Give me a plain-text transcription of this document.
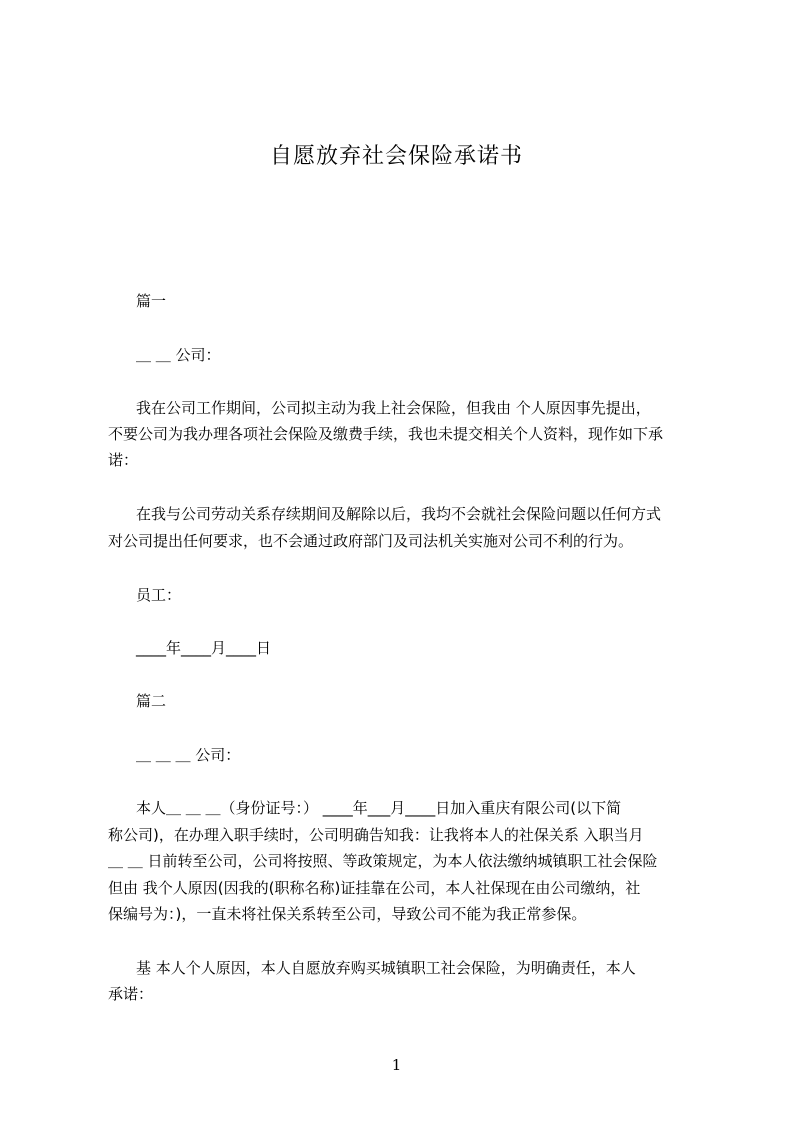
自愿放弃社会保险承诺书
篇一
＿ ＿ 公司：
我在公司工作期间，公司拟主动为我上社会保险，但我由 个人原因事先提出，
不要公司为我办理各项社会保险及缴费手续，我也未提交相关个人资料，现作如下承
诺：
在我与公司劳动关系存续期间及解除以后，我均不会就社会保险问题以任何方式
对公司提出任何要求，也不会通过政府部门及司法机关实施对公司不利的行为。
员工：
____年____月____日
篇二
＿ ＿ ＿ 公司：
本人＿ ＿ ＿（身份证号：） ____年___月____日加入重庆有限公司(以下简
称公司)，在办理入职手续时，公司明确告知我：让我将本人的社保关系 入职当月
＿ ＿ 日前转至公司，公司将按照、等政策规定，为本人依法缴纳城镇职工社会保险
但由 我个人原因(因我的(职称名称)证挂靠在公司，本人社保现在由公司缴纳，社
保编号为：)，一直未将社保关系转至公司，导致公司不能为我正常参保。
基 本人个人原因，本人自愿放弃购买城镇职工社会保险，为明确责任，本人
承诺：
1
